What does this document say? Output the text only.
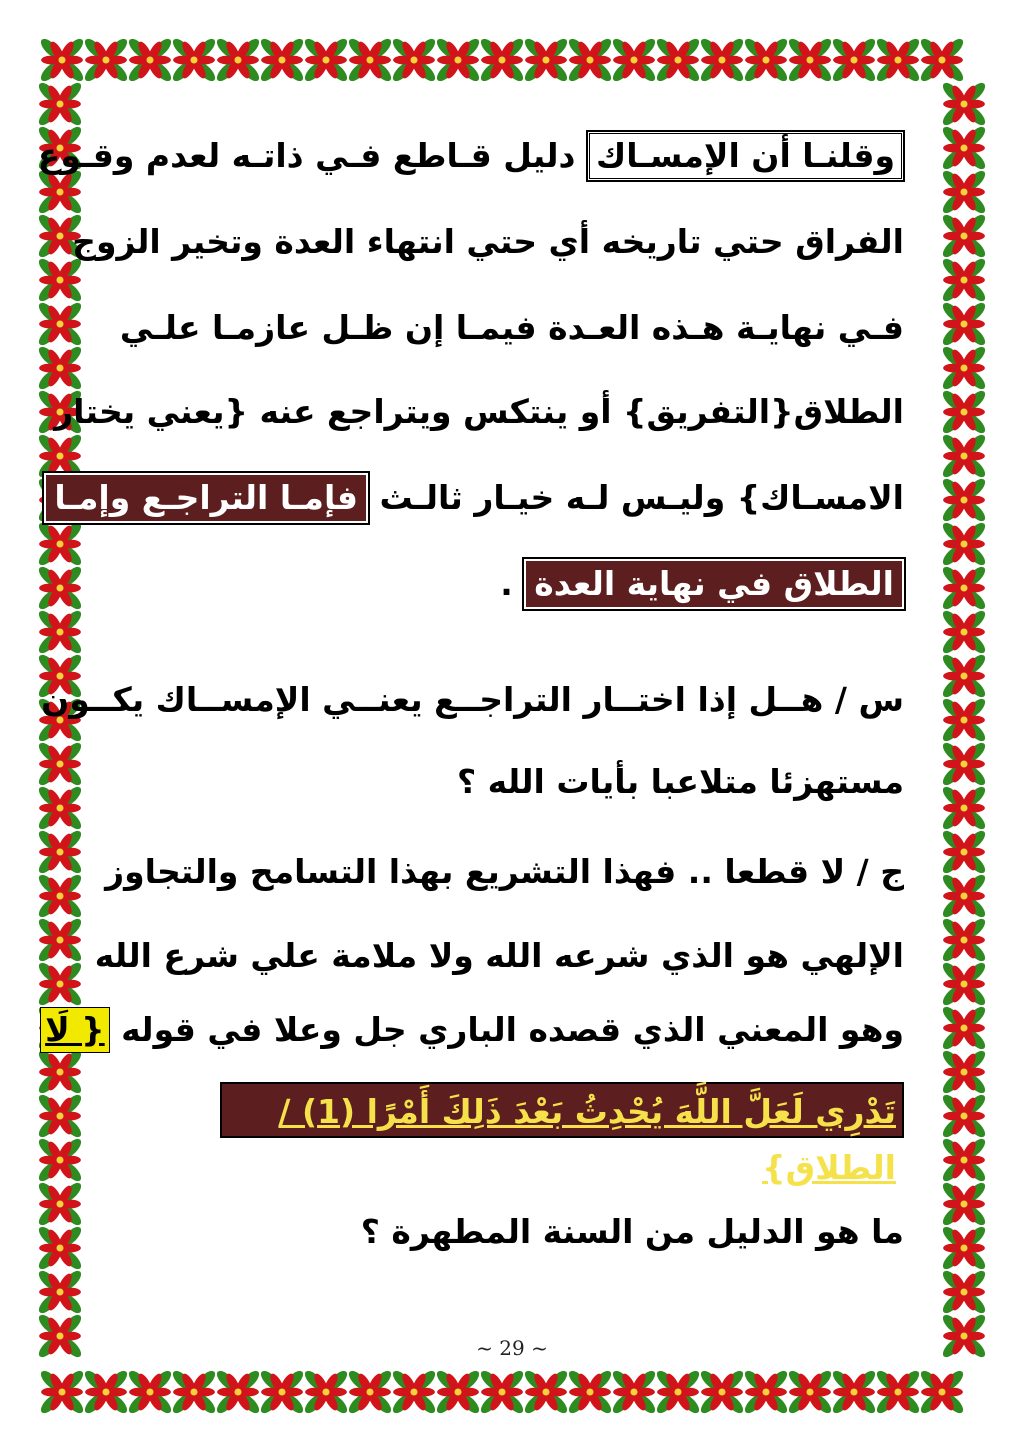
وقلنـا أن الإمسـاك دليل قـاطع فـي ذاتـه لعدم وقـوع
الفراق حتي تاريخه أي حتي انتهاء العدة وتخير الزوج
فـي نهايـة هـذه العـدة فيمـا إن ظـل عازمـا علـي
الطلاق{التفريق} أو ينتكس ويتراجع عنه {يعني يختار
الامسـاك} وليـس لـه خيـار ثالـث فإمـا التراجـع وإمـا
الطلاق في نهاية العدة .
س / هــل إذا اختــار التراجــع يعنــي الإمســاك يكــون
مستهزئا متلاعبا بأيات الله ؟
ج / لا قطعا .. فهذا التشريع بهذا التسامح والتجاوز
الإلهي هو الذي شرعه الله ولا ملامة علي شرع الله
وهو المعني الذي قصده الباري جل وعلا في قوله { لَا
تَدْرِي لَعَلَّ اللَّهَ يُحْدِثُ بَعْدَ ذَلِكَ أَمْرًا (1) /الطلاق}
ما هو الدليل من السنة المطهرة ؟
~ 29 ~
